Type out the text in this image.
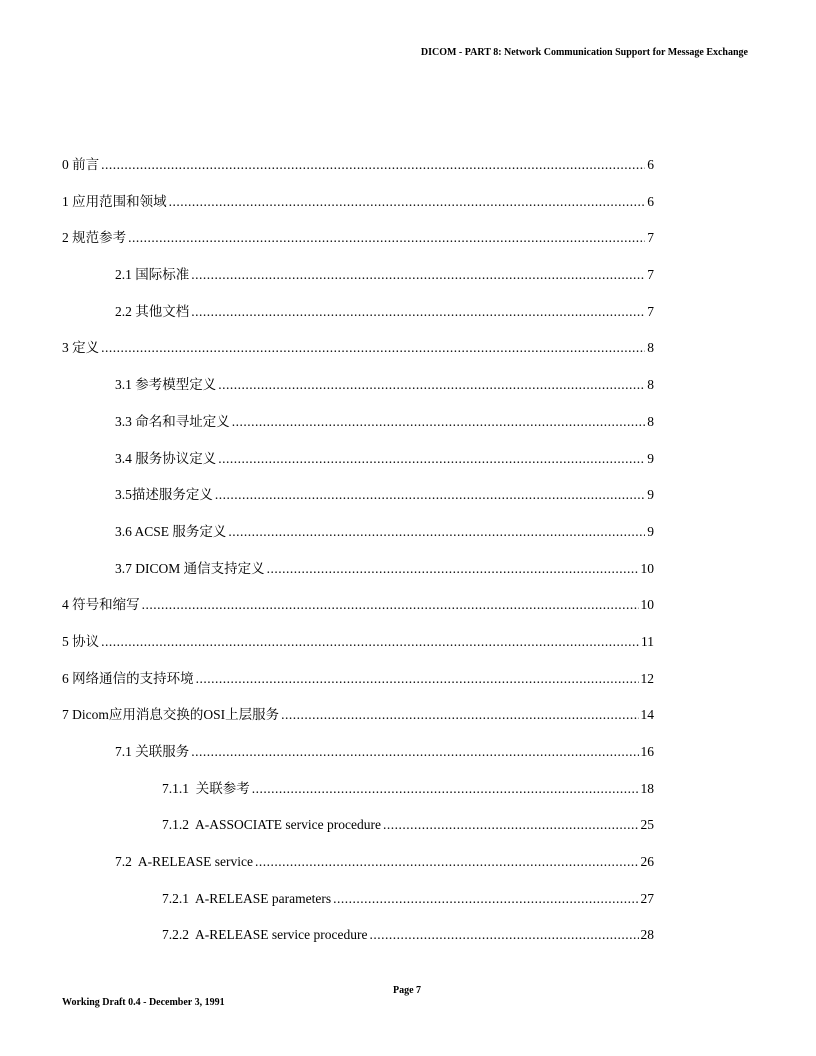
DICOM - PART 8: Network Communication Support for Message Exchange
0 前言 .....	6
1 应用范围和领域 .....	6
2 规范参考 .....	7
2.1 国际标准 .....	7
2.2 其他文档 .....	7
3 定义 .....	8
3.1 参考模型定义 .....	8
3.3 命名和寻址定义 .....	8
3.4 服务协议定义 .....	9
3.5描述服务定义 .....	9
3.6 ACSE 服务定义 .....	9
3.7 DICOM 通信支持定义 .....	10
4 符号和缩写 .....	10
5 协议 .....	11
6 网络通信的支持环境 .....	12
7 Dicom应用消息交换的OSI上层服务 .....	14
7.1 关联服务 .....	16
7.1.1  关联参考 .....	18
7.1.2  A-ASSOCIATE service procedure .....	25
7.2  A-RELEASE service .....	26
7.2.1  A-RELEASE parameters .....	27
7.2.2  A-RELEASE service procedure .....	28
Page 7
Working Draft 0.4 - December 3, 1991
